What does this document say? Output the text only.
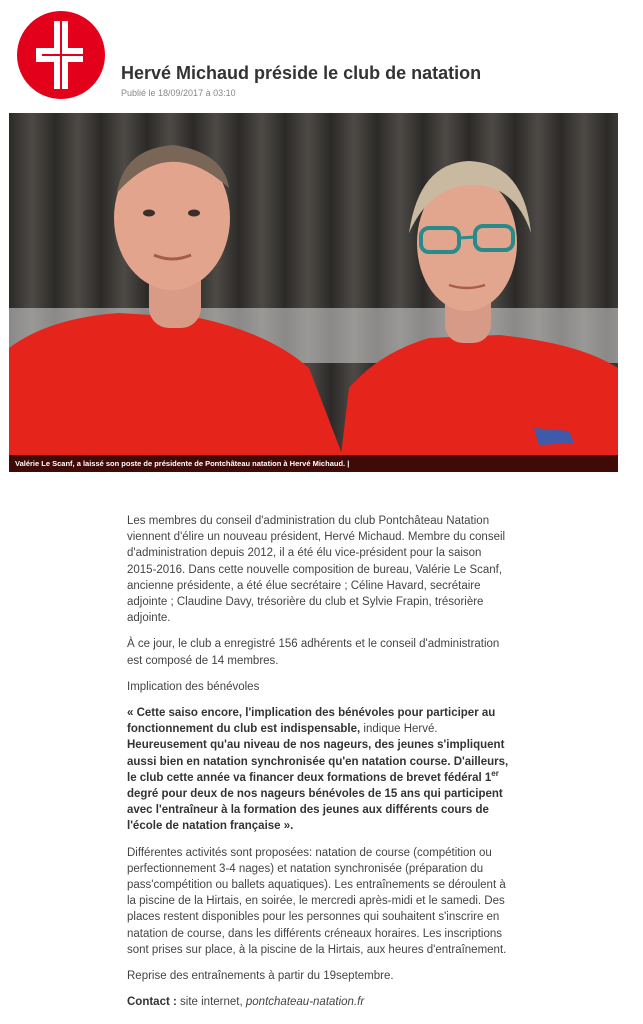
Hervé Michaud préside le club de natation
Publié le 18/09/2017 à 03:10
Valérie Le Scanf, a laissé son poste de présidente de Pontchâteau natation à Hervé Michaud. |

Les membres du conseil d'administration du club Pontchâteau Natation viennent d'élire un nouveau président, Hervé Michaud. Membre du conseil d'administration depuis 2012, il a été élu vice-président pour la saison 2015-2016. Dans cette nouvelle composition de bureau, Valérie Le Scanf, ancienne présidente, a été élue secrétaire ; Céline Havard, secrétaire adjointe ; Claudine Davy, trésorière du club et Sylvie Frapin, trésorière adjointe.

À ce jour, le club a enregistré 156 adhérents et le conseil d'administration est composé de 14 membres.

Implication des bénévoles

« Cette saiso encore, l'implication des bénévoles pour participer au fonctionnement du club est indispensable, indique Hervé. Heureusement qu'au niveau de nos nageurs, des jeunes s'impliquent aussi bien en natation synchronisée qu'en natation course. D'ailleurs, le club cette année va financer deux formations de brevet fédéral 1er degré pour deux de nos nageurs bénévoles de 15 ans qui participent avec l'entraîneur à la formation des jeunes aux différents cours de l'école de natation française ».

Différentes activités sont proposées: natation de course (compétition ou perfectionnement 3-4 nages) et natation synchronisée (préparation du pass'compétition ou ballets aquatiques). Les entraînements se déroulent à la piscine de la Hirtais, en soirée, le mercredi après-midi et le samedi. Des places restent disponibles pour les personnes qui souhaitent s'inscrire en natation de course, dans les différents créneaux horaires. Les inscriptions sont prises sur place, à la piscine de la Hirtais, aux heures d'entraînement.

Reprise des entraînements à partir du 19septembre.

Contact : site internet, pontchateau-natation.fr
